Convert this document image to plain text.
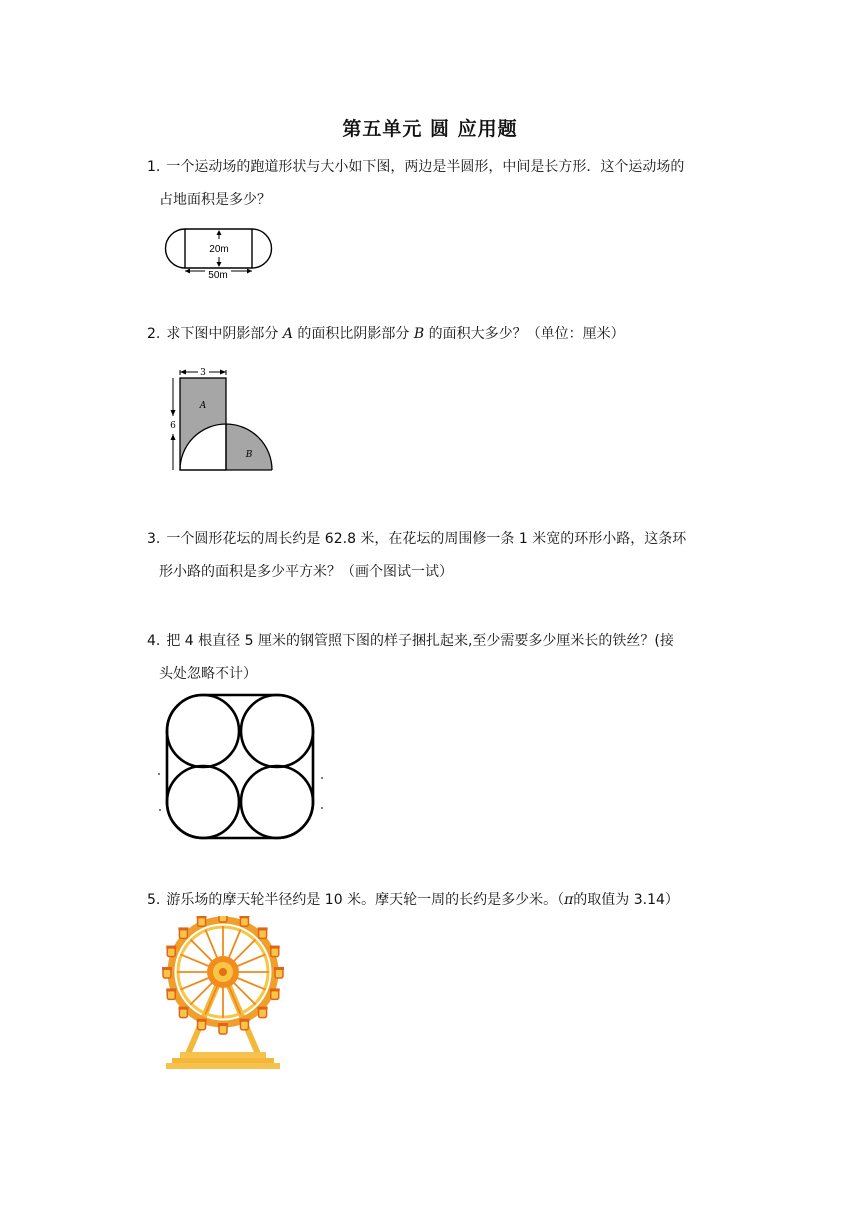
第五单元 圆 应用题
1. 一个运动场的跑道形状与大小如下图，两边是半圆形，中间是长方形．这个运动场的
占地面积是多少？
20m
50m
2. 求下图中阴影部分 A 的面积比阴影部分 B 的面积大多少？（单位：厘米）
3
6
A
B
3. 一个圆形花坛的周长约是 62.8 米，在花坛的周围修一条 1 米宽的环形小路，这条环
形小路的面积是多少平方米？（画个图试一试）
4. 把 4 根直径 5 厘米的钢管照下图的样子捆扎起来,至少需要多少厘米长的铁丝？(接
头处忽略不计）
5. 游乐场的摩天轮半径约是 10 米。摩天轮一周的长约是多少米。（π的取值为 3.14）
